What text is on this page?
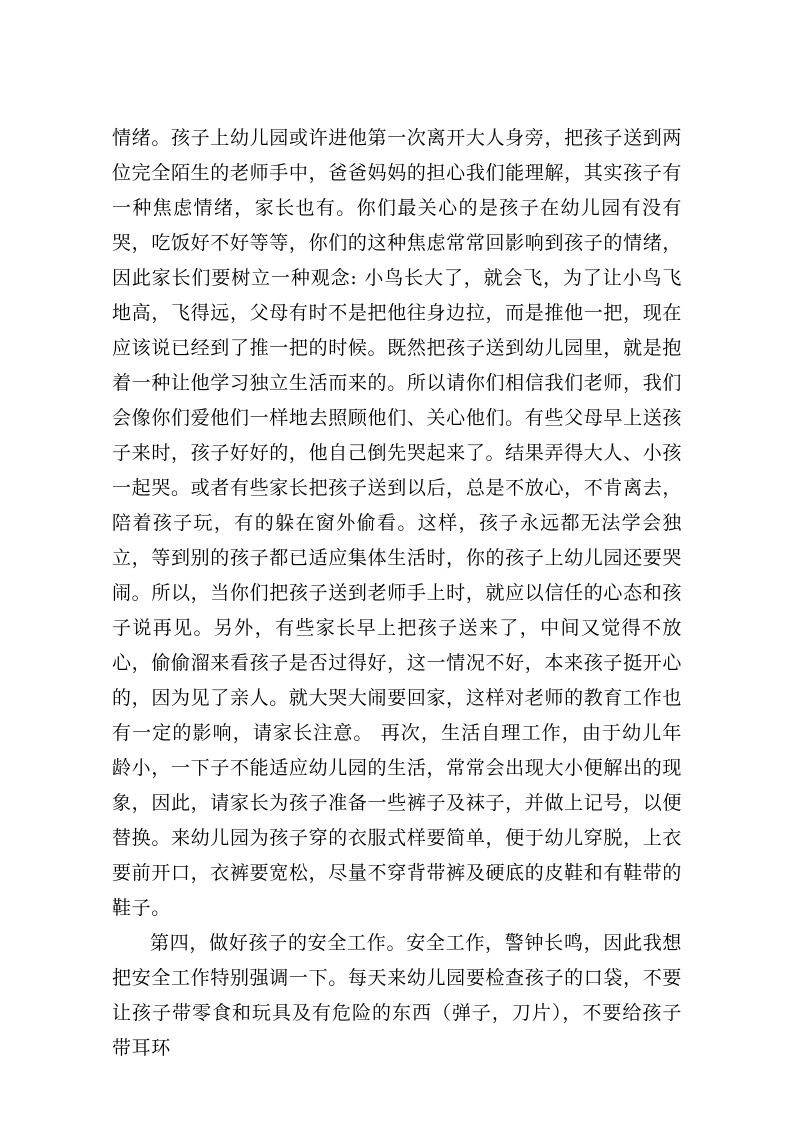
情绪。孩子上幼儿园或许进他第一次离开大人身旁，把孩子送到两位完全陌生的老师手中，爸爸妈妈的担心我们能理解，其实孩子有一种焦虑情绪，家长也有。你们最关心的是孩子在幼儿园有没有哭，吃饭好不好等等，你们的这种焦虑常常回影响到孩子的情绪，因此家长们要树立一种观念: 小鸟长大了，就会飞，为了让小鸟飞地高，飞得远，父母有时不是把他往身边拉，而是推他一把，现在应该说已经到了推一把的时候。既然把孩子送到幼儿园里，就是抱着一种让他学习独立生活而来的。所以请你们相信我们老师，我们会像你们爱他们一样地去照顾他们、关心他们。有些父母早上送孩子来时，孩子好好的，他自己倒先哭起来了。结果弄得大人、小孩一起哭。或者有些家长把孩子送到以后，总是不放心，不肯离去，陪着孩子玩，有的躲在窗外偷看。这样，孩子永远都无法学会独立，等到别的孩子都已适应集体生活时，你的孩子上幼儿园还要哭闹。所以，当你们把孩子送到老师手上时，就应以信任的心态和孩子说再见。另外，有些家长早上把孩子送来了，中间又觉得不放心，偷偷溜来看孩子是否过得好，这一情况不好，本来孩子挺开心的，因为见了亲人。就大哭大闹要回家，这样对老师的教育工作也有一定的影响，请家长注意。 再次，生活自理工作，由于幼儿年龄小，一下子不能适应幼儿园的生活，常常会出现大小便解出的现象，因此，请家长为孩子准备一些裤子及袜子，并做上记号，以便替换。来幼儿园为孩子穿的衣服式样要简单，便于幼儿穿脱，上衣要前开口，衣裤要宽松，尽量不穿背带裤及硬底的皮鞋和有鞋带的鞋子。

第四，做好孩子的安全工作。安全工作，警钟长鸣，因此我想把安全工作特别强调一下。每天来幼儿园要检查孩子的口袋，不要让孩子带零食和玩具及有危险的东西（弹子，刀片），不要给孩子带耳环
